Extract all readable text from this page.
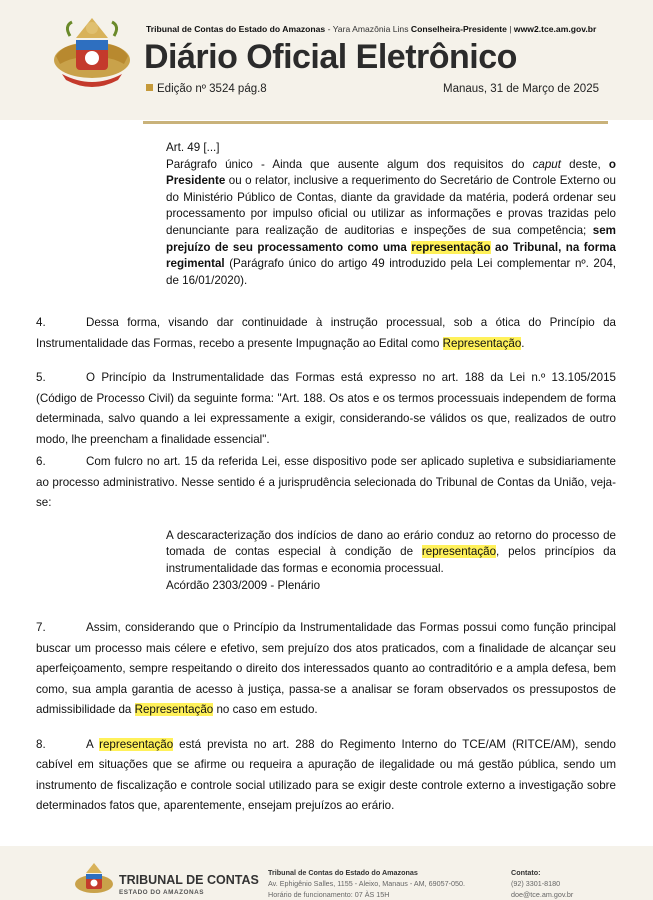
Tribunal de Contas do Estado do Amazonas - Yara Amazônia Lins Conselheira-Presidente | www2.tce.am.gov.br
Diário Oficial Eletrônico
Edição nº 3524 pág.8	Manaus, 31 de Março de 2025
Art. 49 [...]
Parágrafo único - Ainda que ausente algum dos requisitos do caput deste, o Presidente ou o relator, inclusive a requerimento do Secretário de Controle Externo ou do Ministério Público de Contas, diante da gravidade da matéria, poderá ordenar seu processamento por impulso oficial ou utilizar as informações e provas trazidas pelo denunciante para realização de auditorias e inspeções de sua competência; sem prejuízo de seu processamento como uma representação ao Tribunal, na forma regimental (Parágrafo único do artigo 49 introduzido pela Lei complementar nº. 204, de 16/01/2020).
4.	Dessa forma, visando dar continuidade à instrução processual, sob a ótica do Princípio da Instrumentalidade das Formas, recebo a presente Impugnação ao Edital como Representação.
5.	O Princípio da Instrumentalidade das Formas está expresso no art. 188 da Lei n.º 13.105/2015 (Código de Processo Civil) da seguinte forma: "Art. 188. Os atos e os termos processuais independem de forma determinada, salvo quando a lei expressamente a exigir, considerando-se válidos os que, realizados de outro modo, lhe preencham a finalidade essencial".
6.	Com fulcro no art. 15 da referida Lei, esse dispositivo pode ser aplicado supletiva e subsidiariamente ao processo administrativo. Nesse sentido é a jurisprudência selecionada do Tribunal de Contas da União, veja-se:
A descaracterização dos indícios de dano ao erário conduz ao retorno do processo de tomada de contas especial à condição de representação, pelos princípios da instrumentalidade das formas e economia processual.
Acórdão 2303/2009 - Plenário
7.	Assim, considerando que o Princípio da Instrumentalidade das Formas possui como função principal buscar um processo mais célere e efetivo, sem prejuízo dos atos praticados, com a finalidade de alcançar seu aperfeiçoamento, sempre respeitando o direito dos interessados quanto ao contraditório e a ampla defesa, bem como, sua ampla garantia de acesso à justiça, passa-se a analisar se foram observados os pressupostos de admissibilidade da Representação no caso em estudo.
8.	A representação está prevista no art. 288 do Regimento Interno do TCE/AM (RITCE/AM), sendo cabível em situações que se afirme ou requeira a apuração de ilegalidade ou má gestão pública, sendo um instrumento de fiscalização e controle social utilizado para se exigir deste controle externo a investigação sobre determinados fatos que, aparentemente, ensejam prejuízos ao erário.
TRIBUNAL DE CONTAS
ESTADO DO AMAZONAS
Tribunal de Contas do Estado do Amazonas
Av. Ephigênio Salles, 1155 - Aleixo, Manaus - AM, 69057-050.
Horário de funcionamento: 07 ÀS 15H
Contato:
(92) 3301-8180
doe@tce.am.gov.br
